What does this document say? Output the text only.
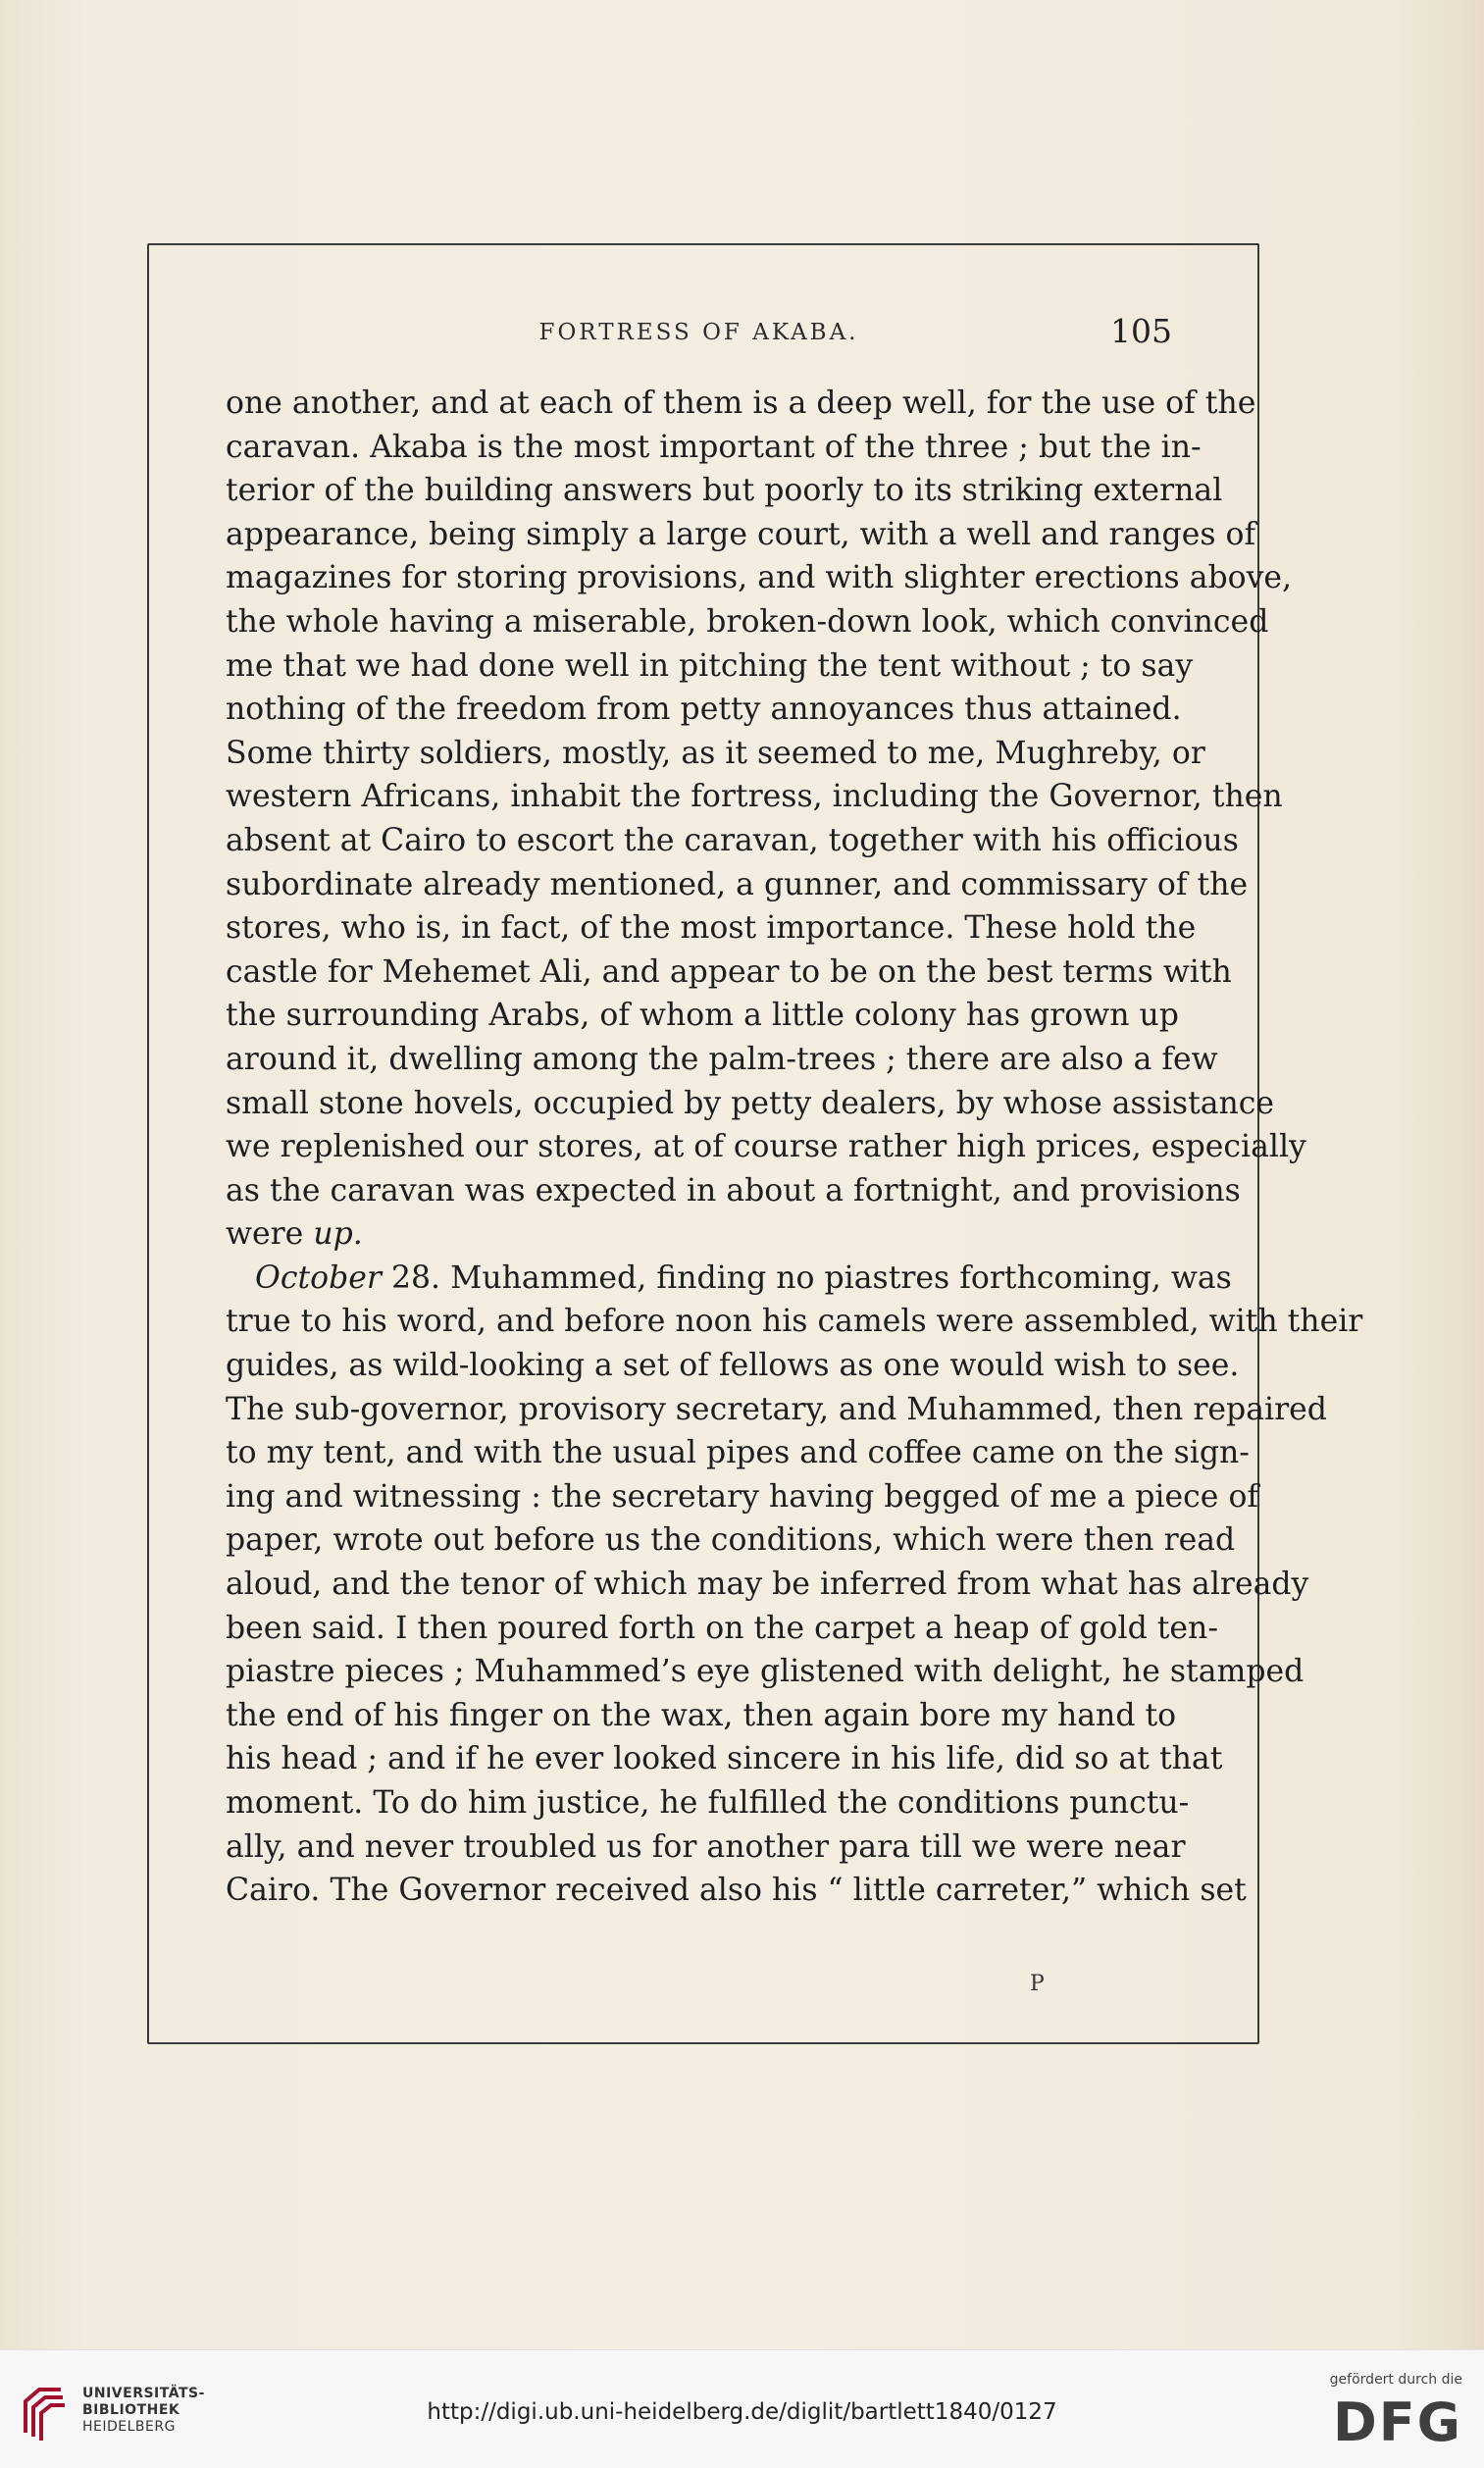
FORTRESS OF AKABA.	105
one another, and at each of them is a deep well, for the use of the
caravan. Akaba is the most important of the three ; but the in-
terior of the building answers but poorly to its striking external
appearance, being simply a large court, with a well and ranges of
magazines for storing provisions, and with slighter erections above,
the whole having a miserable, broken-down look, which convinced
me that we had done well in pitching the tent without ; to say
nothing of the freedom from petty annoyances thus attained.
Some thirty soldiers, mostly, as it seemed to me, Mughreby, or
western Africans, inhabit the fortress, including the Governor, then
absent at Cairo to escort the caravan, together with his officious
subordinate already mentioned, a gunner, and commissary of the
stores, who is, in fact, of the most importance. These hold the
castle for Mehemet Ali, and appear to be on the best terms with
the surrounding Arabs, of whom a little colony has grown up
around it, dwelling among the palm-trees ; there are also a few
small stone hovels, occupied by petty dealers, by whose assistance
we replenished our stores, at of course rather high prices, especially
as the caravan was expected in about a fortnight, and provisions
were up.
October 28. Muhammed, finding no piastres forthcoming, was
true to his word, and before noon his camels were assembled, with their
guides, as wild-looking a set of fellows as one would wish to see.
The sub-governor, provisory secretary, and Muhammed, then repaired
to my tent, and with the usual pipes and coffee came on the sign-
ing and witnessing : the secretary having begged of me a piece of
paper, wrote out before us the conditions, which were then read
aloud, and the tenor of which may be inferred from what has already
been said. I then poured forth on the carpet a heap of gold ten-
piastre pieces ; Muhammed’s eye glistened with delight, he stamped
the end of his finger on the wax, then again bore my hand to
his head ; and if he ever looked sincere in his life, did so at that
moment. To do him justice, he fulfilled the conditions punctu-
ally, and never troubled us for another para till we were near
Cairo. The Governor received also his “ little carreter,” which set
P
UNIVERSITÄTS-
BIBLIOTHEK
HEIDELBERG
http://digi.ub.uni-heidelberg.de/diglit/bartlett1840/0127
gefördert durch die
DFG
